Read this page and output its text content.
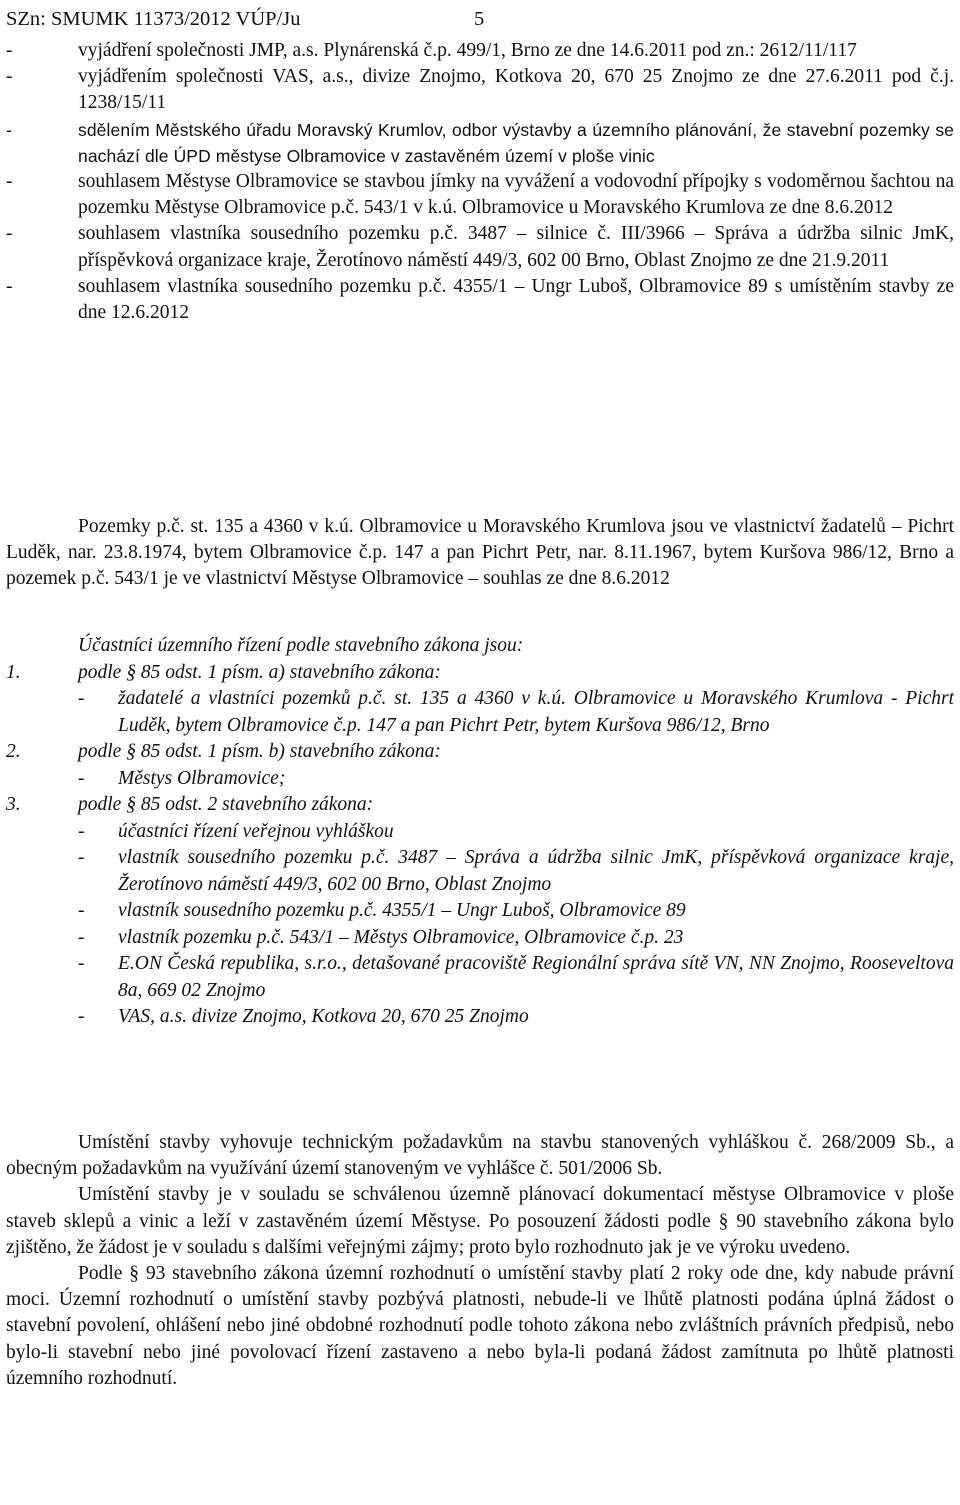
SZn: SMUMK 11373/2012 VÚP/Ju	5
-	vyjádření společnosti JMP, a.s. Plynárenská č.p. 499/1, Brno ze dne 14.6.2011 pod zn.: 2612/11/117
-	vyjádřením společnosti VAS, a.s., divize Znojmo, Kotkova 20, 670 25 Znojmo ze dne 27.6.2011 pod č.j. 1238/15/11
-	sdělením Městského úřadu Moravský Krumlov, odbor výstavby a územního plánování, že stavební pozemky se nachází dle ÚPD městyse Olbramovice v zastavěném území v ploše vinic
-	souhlasem Městyse Olbramovice se stavbou jímky na vyvážení a vodovodní přípojky s vodoměrnou šachtou na pozemku Městyse Olbramovice p.č. 543/1 v k.ú. Olbramovice u Moravského Krumlova ze dne 8.6.2012
-	souhlasem vlastníka sousedního pozemku p.č. 3487 – silnice č. III/3966 – Správa a údržba silnic JmK, příspěvková organizace kraje, Žerotínovo náměstí 449/3, 602 00 Brno, Oblast Znojmo ze dne 21.9.2011
-	souhlasem vlastníka sousedního pozemku p.č. 4355/1 – Ungr Luboš, Olbramovice 89 s umístěním stavby ze dne 12.6.2012

Pozemky p.č. st. 135 a 4360 v k.ú. Olbramovice u Moravského Krumlova jsou ve vlastnictví žadatelů – Pichrt Luděk, nar. 23.8.1974, bytem Olbramovice č.p. 147 a pan Pichrt Petr, nar. 8.11.1967, bytem Kuršova 986/12, Brno a pozemek p.č. 543/1 je ve vlastnictví Městyse Olbramovice – souhlas ze dne 8.6.2012

Účastníci územního řízení podle stavebního zákona jsou:
1.	podle § 85 odst. 1 písm. a) stavebního zákona:
- žadatelé a vlastníci pozemků p.č. st. 135 a 4360 v k.ú. Olbramovice u Moravského Krumlova - Pichrt Luděk, bytem Olbramovice č.p. 147 a pan Pichrt Petr, bytem Kuršova 986/12, Brno
2.	podle § 85 odst. 1 písm. b) stavebního zákona:
- Městys Olbramovice;
3.	podle § 85 odst. 2 stavebního zákona:
- účastníci řízení veřejnou vyhláškou
- vlastník sousedního pozemku p.č. 3487 – Správa a údržba silnic JmK, příspěvková organizace kraje, Žerotínovo náměstí 449/3, 602 00 Brno, Oblast Znojmo
- vlastník sousedního pozemku p.č. 4355/1 – Ungr Luboš, Olbramovice 89
- vlastník pozemku p.č. 543/1 – Městys Olbramovice, Olbramovice č.p. 23
- E.ON Česká republika, s.r.o., detašované pracoviště Regionální správa sítě VN, NN Znojmo, Rooseveltova 8a, 669 02 Znojmo
- VAS, a.s. divize Znojmo, Kotkova 20, 670 25 Znojmo

Umístění stavby vyhovuje technickým požadavkům na stavbu stanovených vyhláškou č. 268/2009 Sb., a obecným požadavkům na využívání území stanoveným ve vyhlášce č. 501/2006 Sb.

Umístění stavby je v souladu se schválenou územně plánovací dokumentací městyse Olbramovice v ploše staveb sklepů a vinic a leží v zastavěném území Městyse. Po posouzení žádosti podle § 90 stavebního zákona bylo zjištěno, že žádost je v souladu s dalšími veřejnými zájmy; proto bylo rozhodnuto jak je ve výroku uvedeno.

Podle § 93 stavebního zákona územní rozhodnutí o umístění stavby platí 2 roky ode dne, kdy nabude právní moci. Územní rozhodnutí o umístění stavby pozbývá platnosti, nebude-li ve lhůtě platnosti podána úplná žádost o stavební povolení, ohlášení nebo jiné obdobné rozhodnutí podle tohoto zákona nebo zvláštních právních předpisů, nebo bylo-li stavební nebo jiné povolovací řízení zastaveno a nebo byla-li podaná žádost zamítnuta po lhůtě platnosti územního rozhodnutí.
